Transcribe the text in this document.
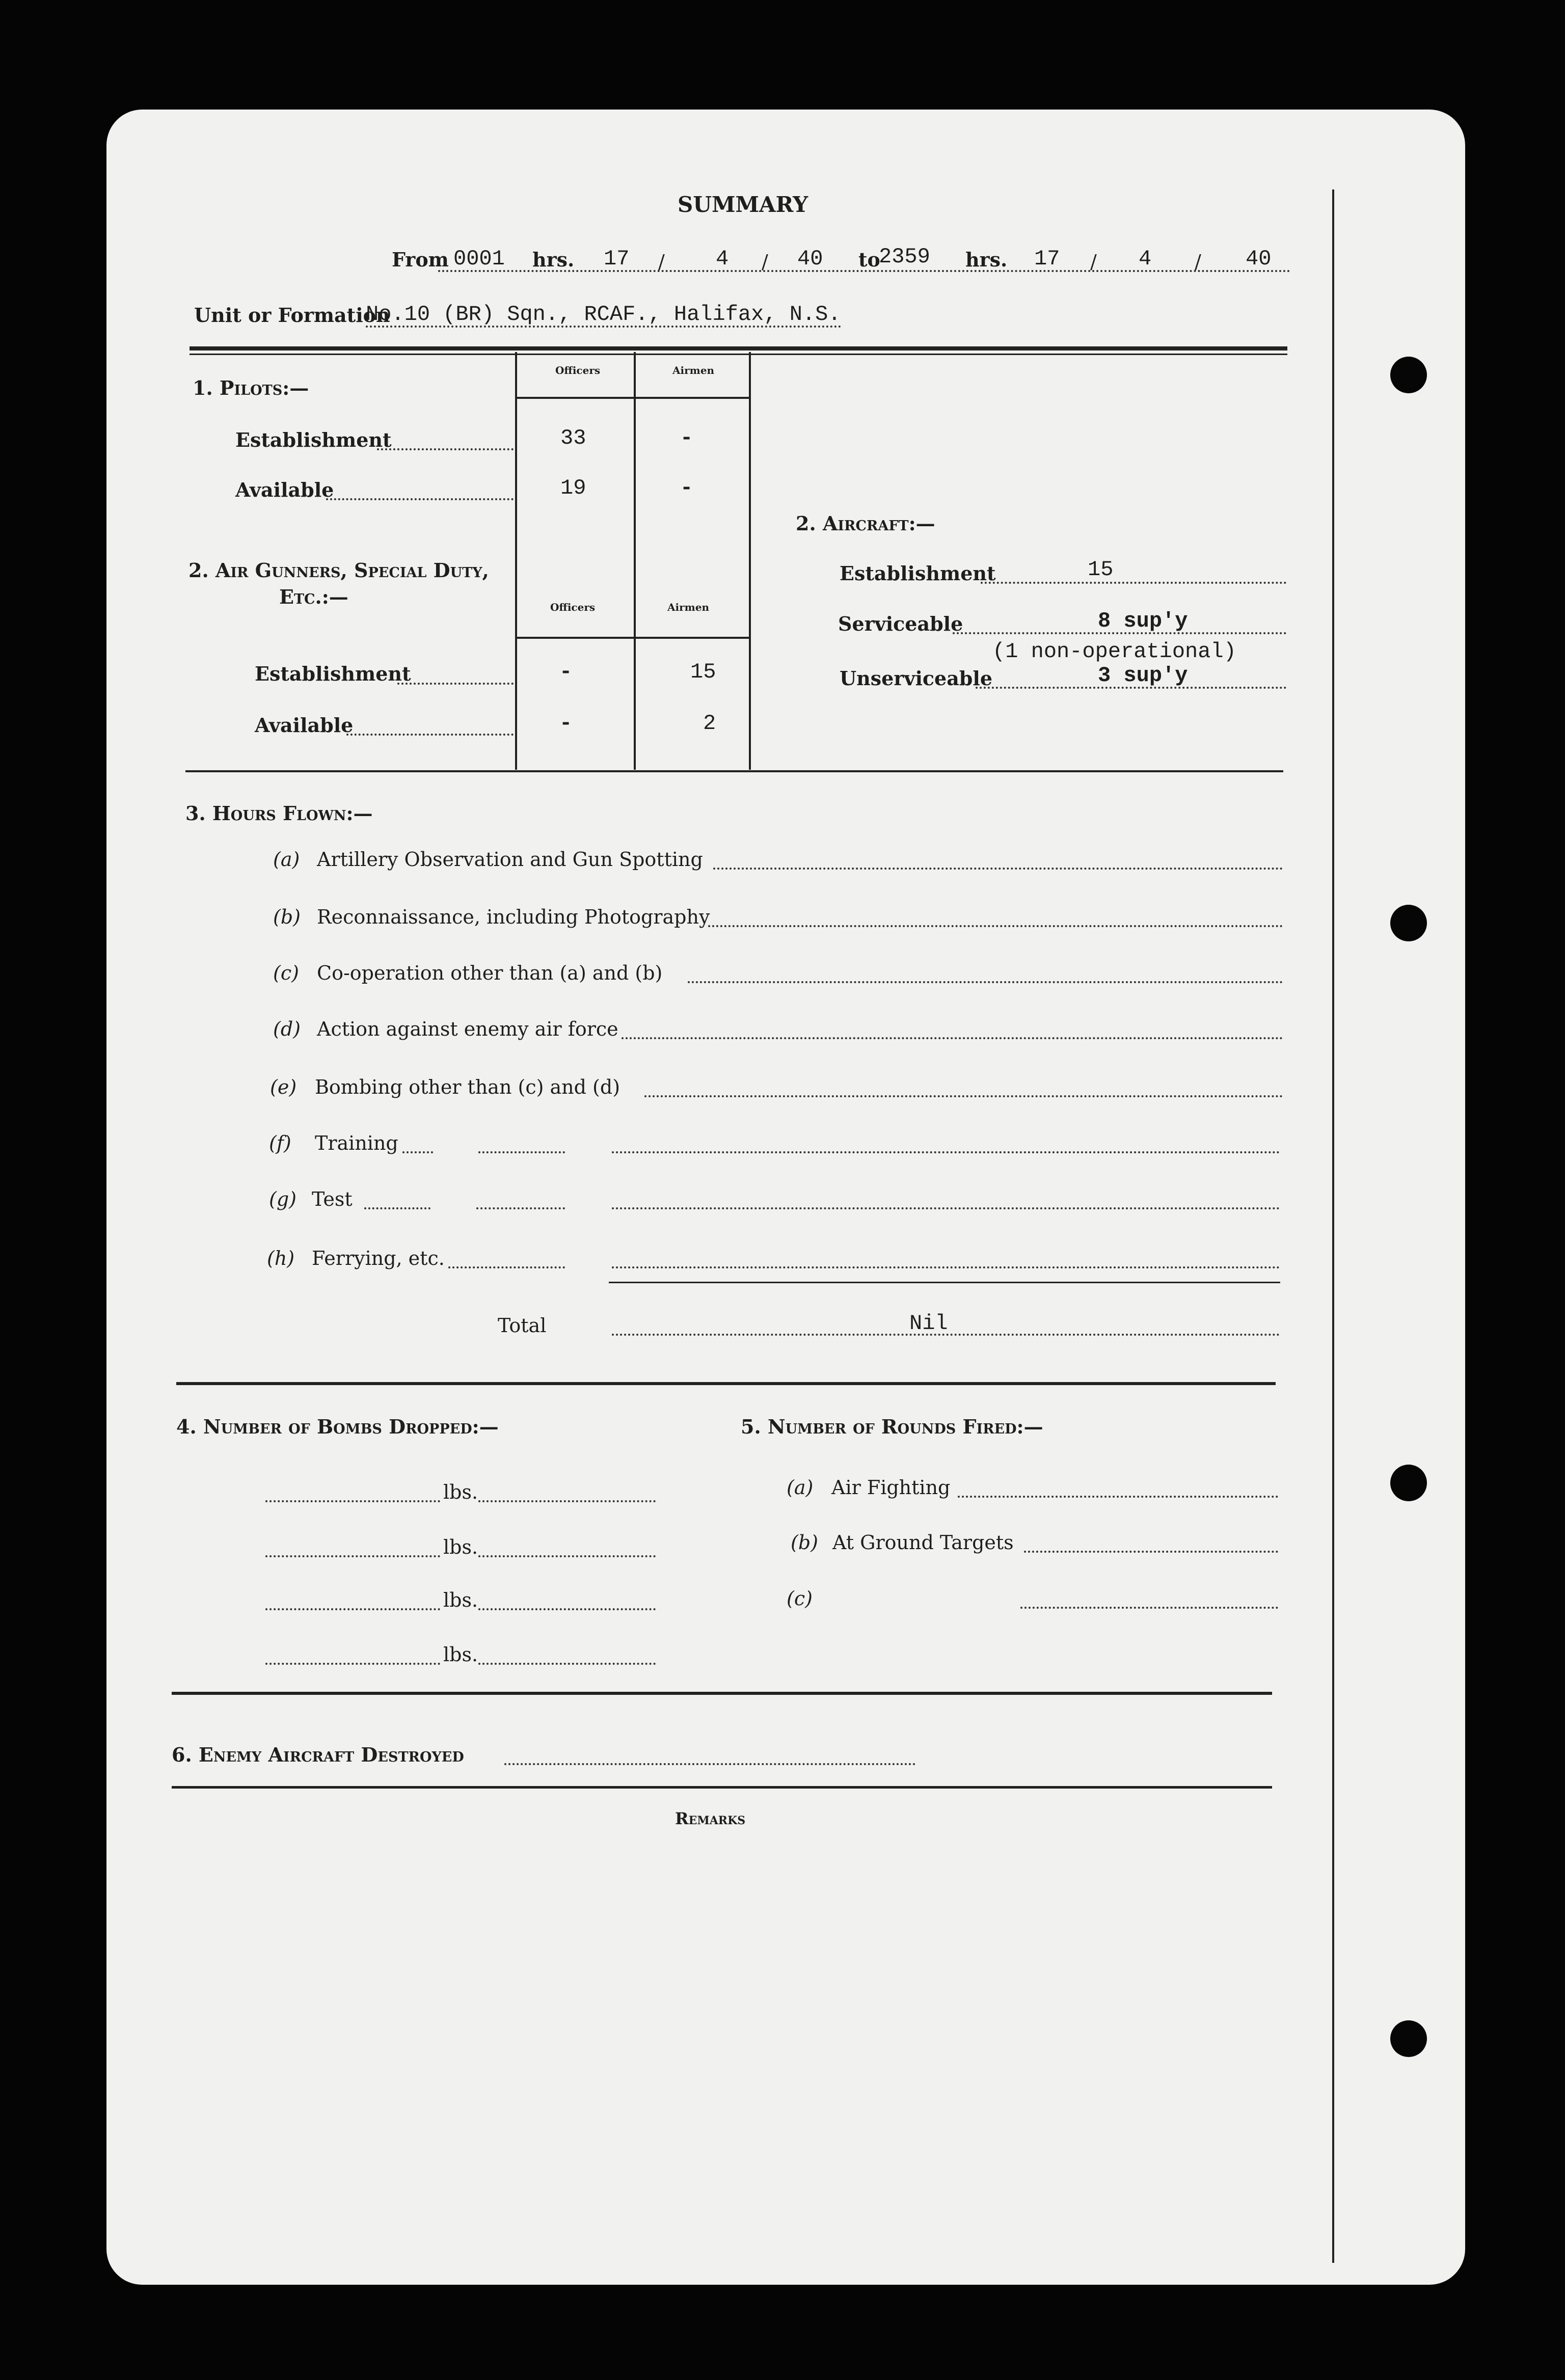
SUMMARY
From 0001 hrs. 17 / 4 / 40 to
2359 hrs. 17 / 4 / 40
Unit or Formation
No.10 (BR) Sqn., RCAF., Halifax, N.S.
Officers	Airmen
1. Pilots:—
Establishment	33	-
Available	19	-
2. Air Gunners, Special Duty,
Etc.:—	Officers	Airmen
Establishment	-	15
Available	-	2
2. Aircraft:—
Establishment	15
Serviceable	8 sup'y
(1 non-operational)
Unserviceable	3 sup'y
3. Hours Flown:—
(a) Artillery Observation and Gun Spotting
(b) Reconnaissance, including Photography
(c) Co-operation other than (a) and (b)
(d) Action against enemy air force
(e) Bombing other than (c) and (d)
(f) Training
(g) Test
(h) Ferrying, etc.
Total	Nil
4. Number of Bombs Dropped:—
lbs.
lbs.
lbs.
lbs.
5. Number of Rounds Fired:—
(a) Air Fighting
(b) At Ground Targets
(c)
6. Enemy Aircraft Destroyed
Remarks
